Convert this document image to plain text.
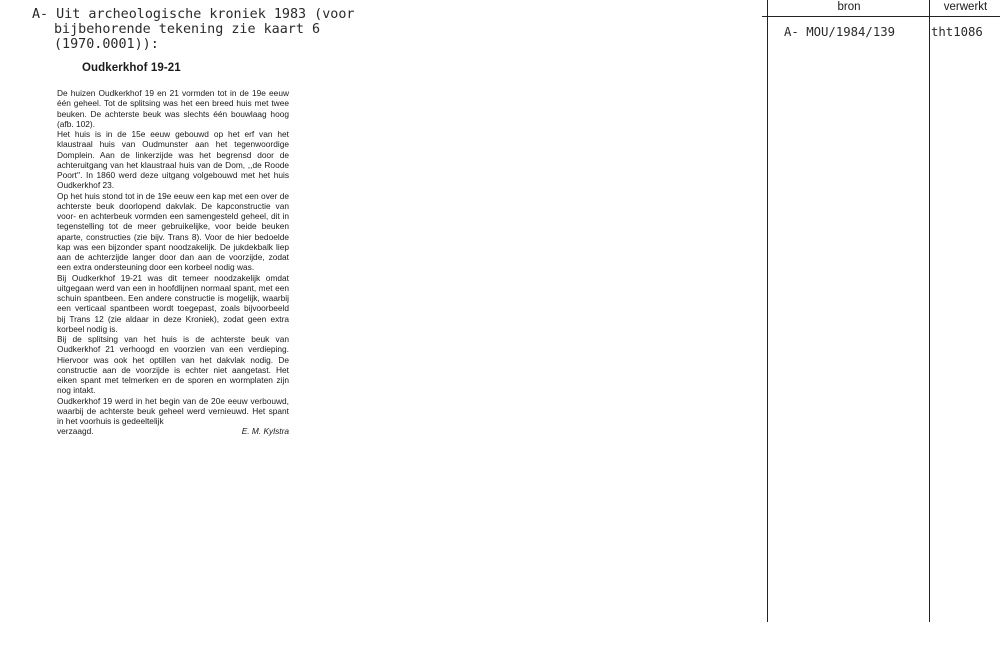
A- Uit archeologische kroniek 1983 (voor
bijbehorende tekening zie kaart 6
(1970.0001)):
Oudkerkhof 19-21

De huizen Oudkerkhof 19 en 21 vormden tot in de 19e eeuw één geheel. Tot de splitsing was het een breed huis met twee beuken. De achterste beuk was slechts één bouwlaag hoog (afb. 102).

Het huis is in de 15e eeuw gebouwd op het erf van het klaustraal huis van Oudmunster aan het tegenwoordige Domplein. Aan de linkerzijde was het begrensd door de achteruitgang van het klaustraal huis van de Dom, ,,de Roode Poort''. In 1860 werd deze uitgang volgebouwd met het huis Oudkerkhof 23.

Op het huis stond tot in de 19e eeuw een kap met een over de achterste beuk doorlopend dakvlak. De kapconstructie van voor- en achterbeuk vormden een samengesteld geheel, dit in tegenstelling tot de meer gebruikelijke, voor beide beuken aparte, constructies (zie bijv. Trans 8). Voor de hier bedoelde kap was een bijzonder spant noodzakelijk. De jukdekbalk liep aan de achterzijde langer door dan aan de voorzijde, zodat een extra ondersteuning door een korbeel nodig was.

Bij Oudkerkhof 19-21 was dit temeer noodzakelijk omdat uitgegaan werd van een in hoofdlijnen normaal spant, met een schuin spantbeen. Een andere constructie is mogelijk, waarbij een verticaal spantbeen wordt toegepast, zoals bijvoorbeeld bij Trans 12 (zie aldaar in deze Kroniek), zodat geen extra korbeel nodig is.

Bij de splitsing van het huis is de achterste beuk van Oudkerkhof 21 verhoogd en voorzien van een verdieping. Hiervoor was ook het optillen van het dakvlak nodig. De constructie aan de voorzijde is echter niet aangetast. Het eiken spant met telmerken en de sporen en wormplaten zijn nog intakt.

Oudkerkhof 19 werd in het begin van de 20e eeuw verbouwd, waarbij de achterste beuk geheel werd vernieuwd. Het spant in het voorhuis is gedeeltelijk

verzaagd.	E. M. Kylstra
bron	verwerkt
A- MOU/1984/139	tht1086
